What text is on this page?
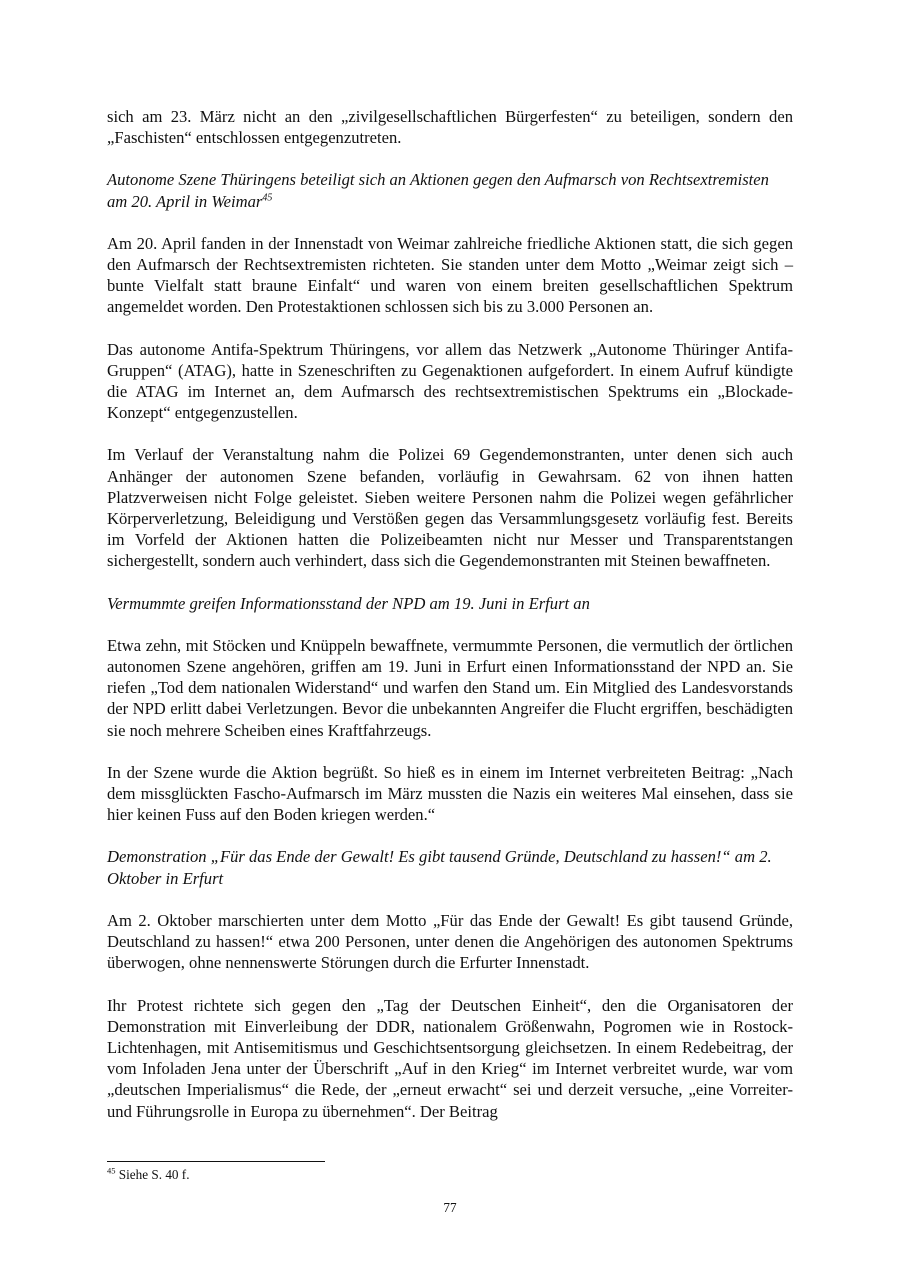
sich am 23. März nicht an den „zivilgesellschaftlichen Bürgerfesten“ zu beteiligen, sondern den „Faschisten“ entschlossen entgegenzutreten.

Autonome Szene Thüringens beteiligt sich an Aktionen gegen den Aufmarsch von Rechtsextremisten am 20. April in Weimar$^{45}$

Am 20. April fanden in der Innenstadt von Weimar zahlreiche friedliche Aktionen statt, die sich gegen den Aufmarsch der Rechtsextremisten richteten. Sie standen unter dem Motto „Weimar zeigt sich – bunte Vielfalt statt braune Einfalt“ und waren von einem breiten gesellschaftlichen Spektrum angemeldet worden. Den Protestaktionen schlossen sich bis zu 3.000 Personen an.

Das autonome Antifa-Spektrum Thüringens, vor allem das Netzwerk „Autonome Thüringer Antifa-Gruppen“ (ATAG), hatte in Szeneschriften zu Gegenaktionen aufgefordert. In einem Aufruf kündigte die ATAG im Internet an, dem Aufmarsch des rechtsextremistischen Spektrums ein „Blockade-Konzept“ entgegenzustellen.

Im Verlauf der Veranstaltung nahm die Polizei 69 Gegendemonstranten, unter denen sich auch Anhänger der autonomen Szene befanden, vorläufig in Gewahrsam. 62 von ihnen hatten Platzverweisen nicht Folge geleistet. Sieben weitere Personen nahm die Polizei wegen gefährlicher Körperverletzung, Beleidigung und Verstößen gegen das Versammlungsgesetz vorläufig fest. Bereits im Vorfeld der Aktionen hatten die Polizeibeamten nicht nur Messer und Transparentstangen sichergestellt, sondern auch verhindert, dass sich die Gegendemonstranten mit Steinen bewaffneten.

Vermummte greifen Informationsstand der NPD am 19. Juni in Erfurt an

Etwa zehn, mit Stöcken und Knüppeln bewaffnete, vermummte Personen, die vermutlich der örtlichen autonomen Szene angehören, griffen am 19. Juni in Erfurt einen Informationsstand der NPD an. Sie riefen „Tod dem nationalen Widerstand“ und warfen den Stand um. Ein Mitglied des Landesvorstands der NPD erlitt dabei Verletzungen. Bevor die unbekannten Angreifer die Flucht ergriffen, beschädigten sie noch mehrere Scheiben eines Kraftfahrzeugs.

In der Szene wurde die Aktion begrüßt. So hieß es in einem im Internet verbreiteten Beitrag: „Nach dem missglückten Fascho-Aufmarsch im März mussten die Nazis ein weiteres Mal einsehen, dass sie hier keinen Fuss auf den Boden kriegen werden.“

Demonstration „Für das Ende der Gewalt! Es gibt tausend Gründe, Deutschland zu hassen!“ am 2. Oktober in Erfurt

Am 2. Oktober marschierten unter dem Motto „Für das Ende der Gewalt! Es gibt tausend Gründe, Deutschland zu hassen!“ etwa 200 Personen, unter denen die Angehörigen des autonomen Spektrums überwogen, ohne nennenswerte Störungen durch die Erfurter Innenstadt.

Ihr Protest richtete sich gegen den „Tag der Deutschen Einheit“, den die Organisatoren der Demonstration mit Einverleibung der DDR, nationalem Größenwahn, Pogromen wie in Rostock-Lichtenhagen, mit Antisemitismus und Geschichtsentsorgung gleichsetzen. In einem Redebeitrag, der vom Infoladen Jena unter der Überschrift „Auf in den Krieg“ im Internet verbreitet wurde, war vom „deutschen Imperialismus“ die Rede, der „erneut erwacht“ sei und derzeit versuche, „eine Vorreiter- und Führungsrolle in Europa zu übernehmen“. Der Beitrag

$^{45}$ Siehe S. 40 f.
77
